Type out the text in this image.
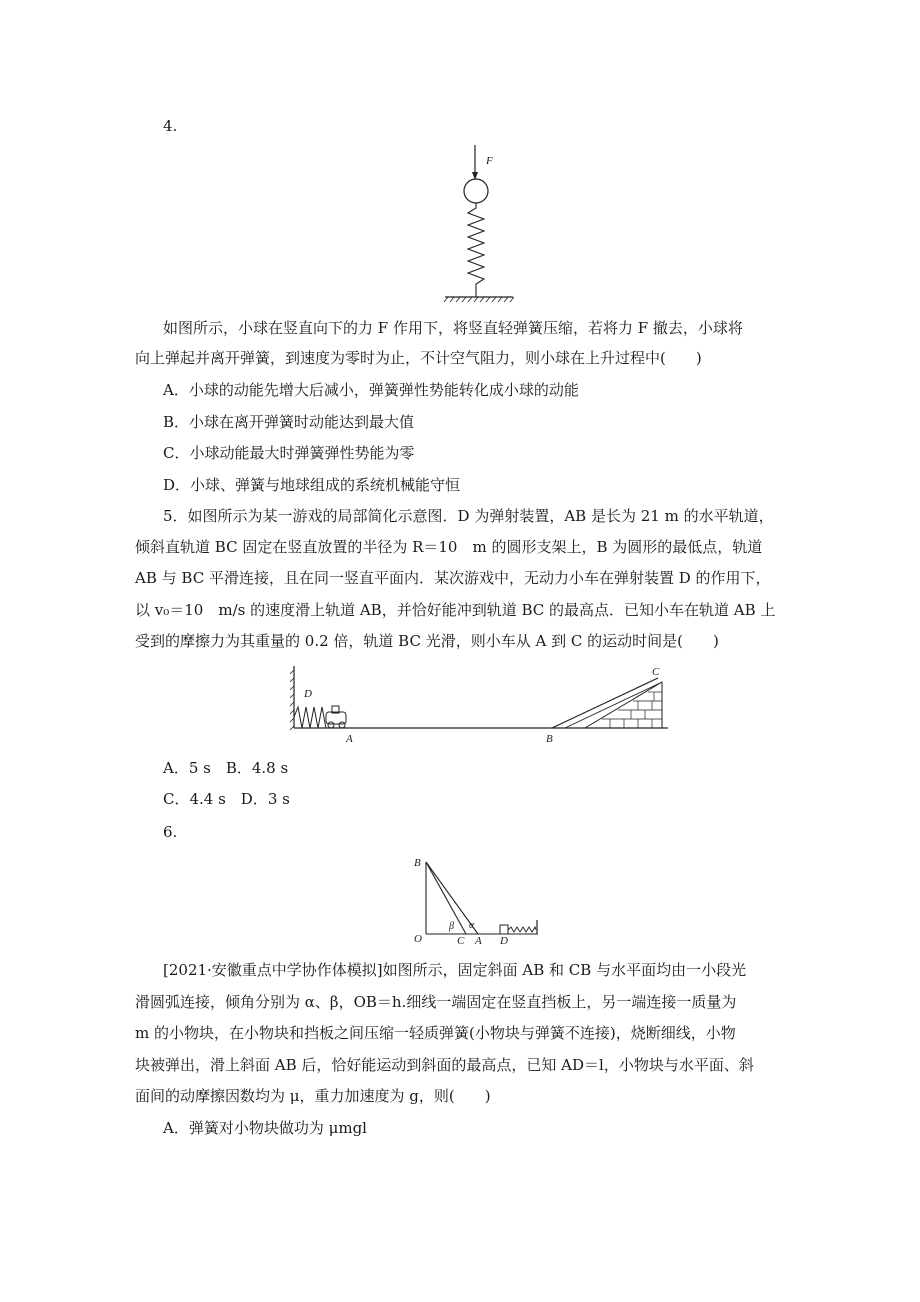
4.
F
如图所示，小球在竖直向下的力 F 作用下，将竖直轻弹簧压缩，若将力 F 撤去，小球将
向上弹起并离开弹簧，到速度为零时为止，不计空气阻力，则小球在上升过程中(　　)
A．小球的动能先增大后减小，弹簧弹性势能转化成小球的动能
B．小球在离开弹簧时动能达到最大值
C．小球动能最大时弹簧弹性势能为零
D．小球、弹簧与地球组成的系统机械能守恒
5．如图所示为某一游戏的局部简化示意图．D 为弹射装置，AB 是长为 21 m 的水平轨道，
倾斜直轨道 BC 固定在竖直放置的半径为 R＝10　m 的圆形支架上，B 为圆形的最低点，轨道
AB 与 BC 平滑连接，且在同一竖直平面内．某次游戏中，无动力小车在弹射装置 D 的作用下，
以 v₀＝10　m/s 的速度滑上轨道 AB，并恰好能冲到轨道 BC 的最高点．已知小车在轨道 AB 上
受到的摩擦力为其重量的 0.2 倍，轨道 BC 光滑，则小车从 A 到 C 的运动时间是(　　)
D
A	B
C
A．5 s　B．4.8 s
C．4.4 s　D．3 s
6.
B
O
β α
C A D
[2021·安徽重点中学协作体模拟]如图所示，固定斜面 AB 和 CB 与水平面均由一小段光
滑圆弧连接，倾角分别为 α、β，OB＝h.细线一端固定在竖直挡板上，另一端连接一质量为
m 的小物块，在小物块和挡板之间压缩一轻质弹簧(小物块与弹簧不连接)，烧断细线，小物
块被弹出，滑上斜面 AB 后，恰好能运动到斜面的最高点，已知 AD＝l，小物块与水平面、斜
面间的动摩擦因数均为 μ，重力加速度为 g，则(　　)
A．弹簧对小物块做功为 μmgl
